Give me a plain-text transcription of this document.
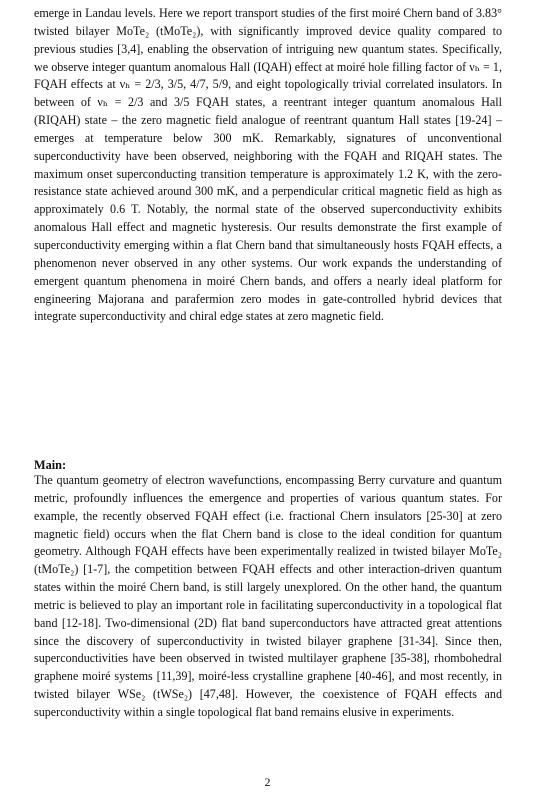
emerge in Landau levels. Here we report transport studies of the first moiré Chern band of 3.83° twisted bilayer MoTe₂ (tMoTe₂), with significantly improved device quality compared to previous studies [3,4], enabling the observation of intriguing new quantum states. Specifically, we observe integer quantum anomalous Hall (IQAH) effect at moiré hole filling factor of νₕ = 1, FQAH effects at νₕ = 2/3, 3/5, 4/7, 5/9, and eight topologically trivial correlated insulators. In between of νₕ = 2/3 and 3/5 FQAH states, a reentrant integer quantum anomalous Hall (RIQAH) state – the zero magnetic field analogue of reentrant quantum Hall states [19-24] – emerges at temperature below 300 mK. Remarkably, signatures of unconventional superconductivity have been observed, neighboring with the FQAH and RIQAH states. The maximum onset superconducting transition temperature is approximately 1.2 K, with the zero-resistance state achieved around 300 mK, and a perpendicular critical magnetic field as high as approximately 0.6 T. Notably, the normal state of the observed superconductivity exhibits anomalous Hall effect and magnetic hysteresis. Our results demonstrate the first example of superconductivity emerging within a flat Chern band that simultaneously hosts FQAH effects, a phenomenon never observed in any other systems. Our work expands the understanding of emergent quantum phenomena in moiré Chern bands, and offers a nearly ideal platform for engineering Majorana and parafermion zero modes in gate-controlled hybrid devices that integrate superconductivity and chiral edge states at zero magnetic field.

Main:

The quantum geometry of electron wavefunctions, encompassing Berry curvature and quantum metric, profoundly influences the emergence and properties of various quantum states. For example, the recently observed FQAH effect (i.e. fractional Chern insulators [25-30] at zero magnetic field) occurs when the flat Chern band is close to the ideal condition for quantum geometry. Although FQAH effects have been experimentally realized in twisted bilayer MoTe₂ (tMoTe₂) [1-7], the competition between FQAH effects and other interaction-driven quantum states within the moiré Chern band, is still largely unexplored. On the other hand, the quantum metric is believed to play an important role in facilitating superconductivity in a topological flat band [12-18]. Two-dimensional (2D) flat band superconductors have attracted great attentions since the discovery of superconductivity in twisted bilayer graphene [31-34]. Since then, superconductivities have been observed in twisted multilayer graphene [35-38], rhombohedral graphene moiré systems [11,39], moiré-less crystalline graphene [40-46], and most recently, in twisted bilayer WSe₂ (tWSe₂) [47,48]. However, the coexistence of FQAH effects and superconductivity within a single topological flat band remains elusive in experiments.

2
